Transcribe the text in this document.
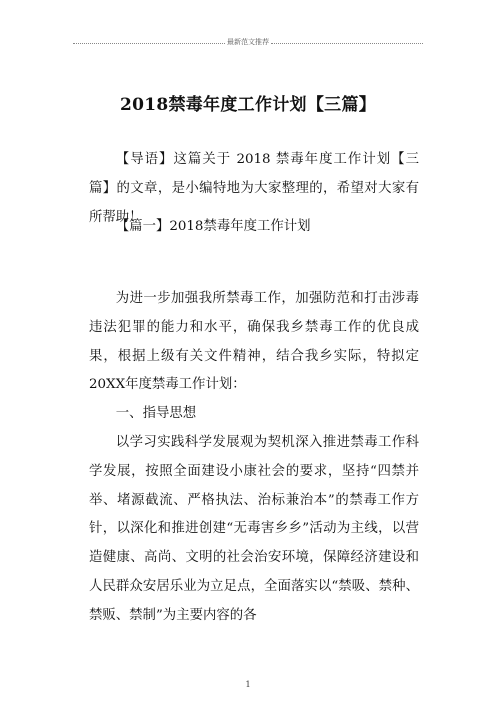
最新范文推荐
2018禁毒年度工作计划【三篇】

【导语】这篇关于 2018 禁毒年度工作计划【三篇】的文章，是小编特地为大家整理的，希望对大家有所帮助！

【篇一】2018禁毒年度工作计划

为进一步加强我所禁毒工作，加强防范和打击涉毒违法犯罪的能力和水平，确保我乡禁毒工作的优良成果，根据上级有关文件精神，结合我乡实际，特拟定20XX年度禁毒工作计划：

一、指导思想

以学习实践科学发展观为契机深入推进禁毒工作科学发展，按照全面建设小康社会的要求，坚持“四禁并举、堵源截流、严格执法、治标兼治本”的禁毒工作方针，以深化和推进创建“无毒害乡乡”活动为主线，以营造健康、高尚、文明的社会治安环境，保障经济建设和人民群众安居乐业为立足点，全面落实以“禁吸、禁种、禁贩、禁制”为主要内容的各

1
